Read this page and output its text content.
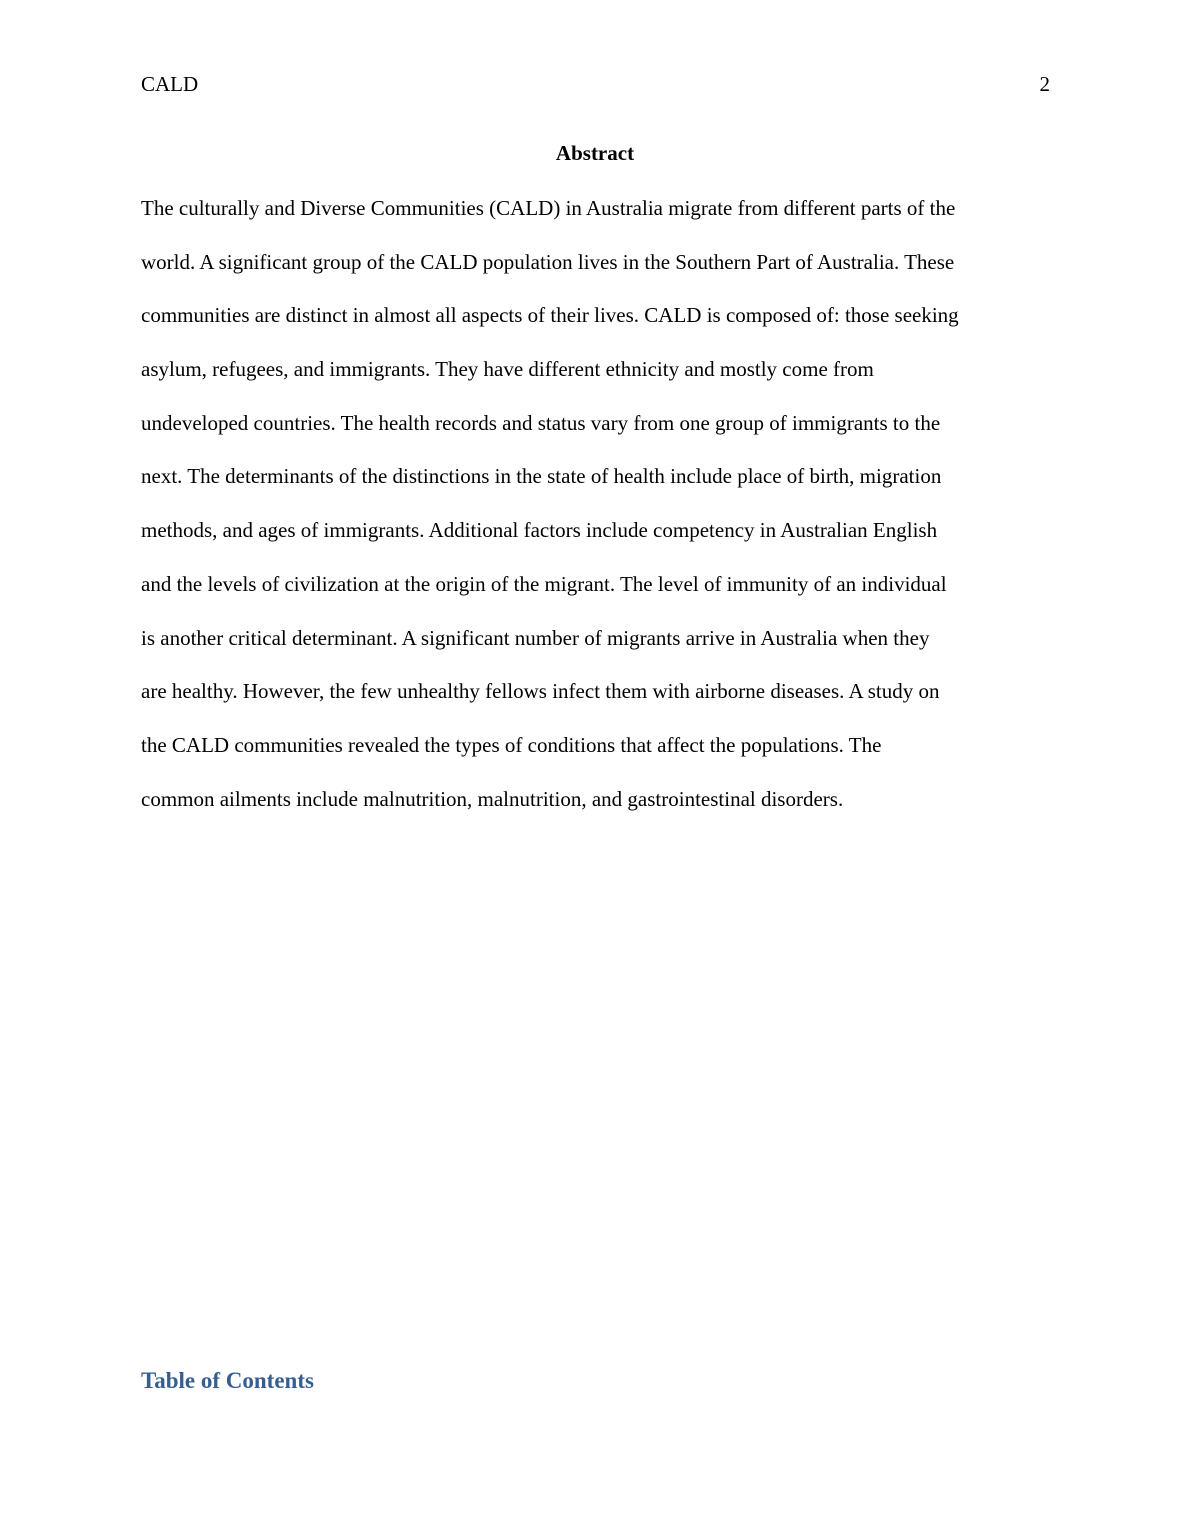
CALD	2
Abstract
The culturally and Diverse Communities (CALD) in Australia migrate from different parts of the
world. A significant group of the CALD population lives in the Southern Part of Australia. These
communities are distinct in almost all aspects of their lives. CALD is composed of: those seeking
asylum, refugees, and immigrants. They have different ethnicity and mostly come from
undeveloped countries. The health records and status vary from one group of immigrants to the
next. The determinants of the distinctions in the state of health include place of birth, migration
methods, and ages of immigrants. Additional factors include competency in Australian English
and the levels of civilization at the origin of the migrant. The level of immunity of an individual
is another critical determinant. A significant number of migrants arrive in Australia when they
are healthy. However, the few unhealthy fellows infect them with airborne diseases. A study on
the CALD communities revealed the types of conditions that affect the populations. The
common ailments include malnutrition, malnutrition, and gastrointestinal disorders.
Table of Contents
